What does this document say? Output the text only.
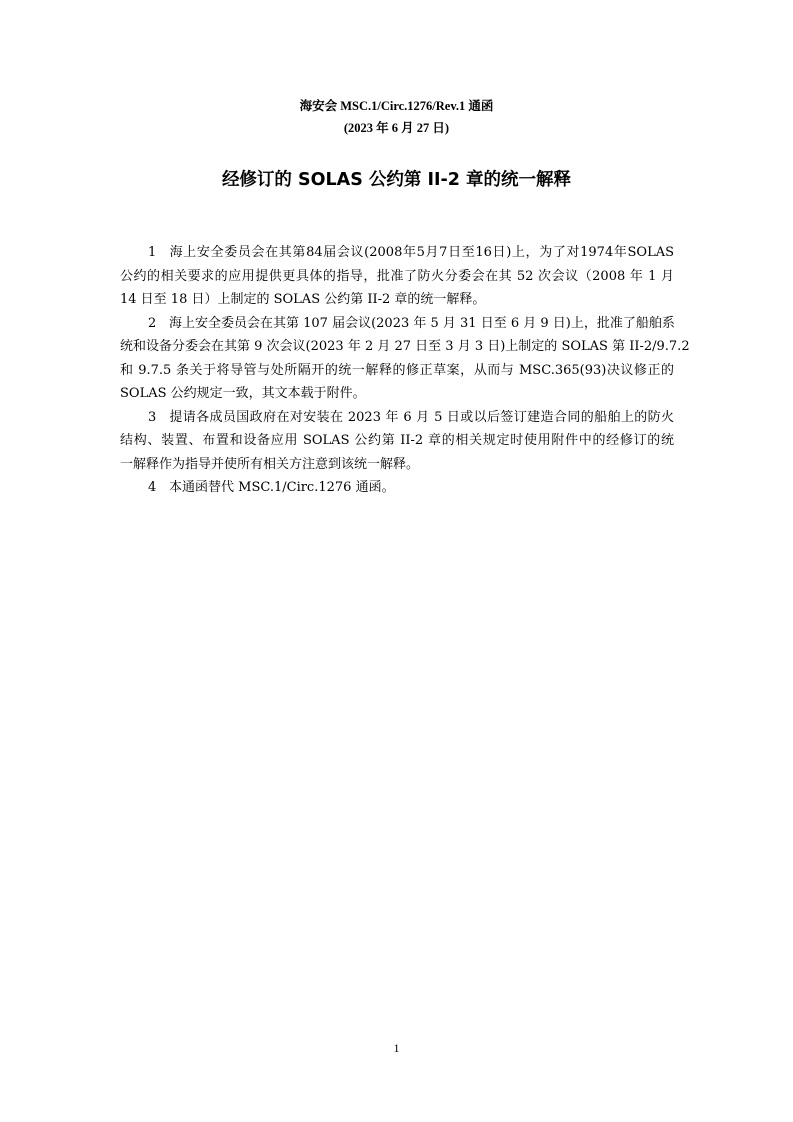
海安会 MSC.1/Circ.1276/Rev.1 通函
(2023 年 6 月 27 日)
经修订的 SOLAS 公约第 II-2 章的统一解释
1 海上安全委员会在其第84届会议(2008年5月7日至16日)上，为了对1974年SOLAS
公约的相关要求的应用提供更具体的指导，批准了防火分委会在其 52 次会议（2008 年 1 月
14 日至 18 日）上制定的 SOLAS 公约第 II-2 章的统一解释。
2 海上安全委员会在其第 107 届会议(2023 年 5 月 31 日至 6 月 9 日)上，批准了船舶系
统和设备分委会在其第 9 次会议(2023 年 2 月 27 日至 3 月 3 日)上制定的 SOLAS 第 II-2/9.7.2
和 9.7.5 条关于将导管与处所隔开的统一解释的修正草案，从而与 MSC.365(93)决议修正的
SOLAS 公约规定一致，其文本载于附件。
3 提请各成员国政府在对安装在 2023 年 6 月 5 日或以后签订建造合同的船舶上的防火
结构、装置、布置和设备应用 SOLAS 公约第 II-2 章的相关规定时使用附件中的经修订的统
一解释作为指导并使所有相关方注意到该统一解释。
4 本通函替代 MSC.1/Circ.1276 通函。
1
